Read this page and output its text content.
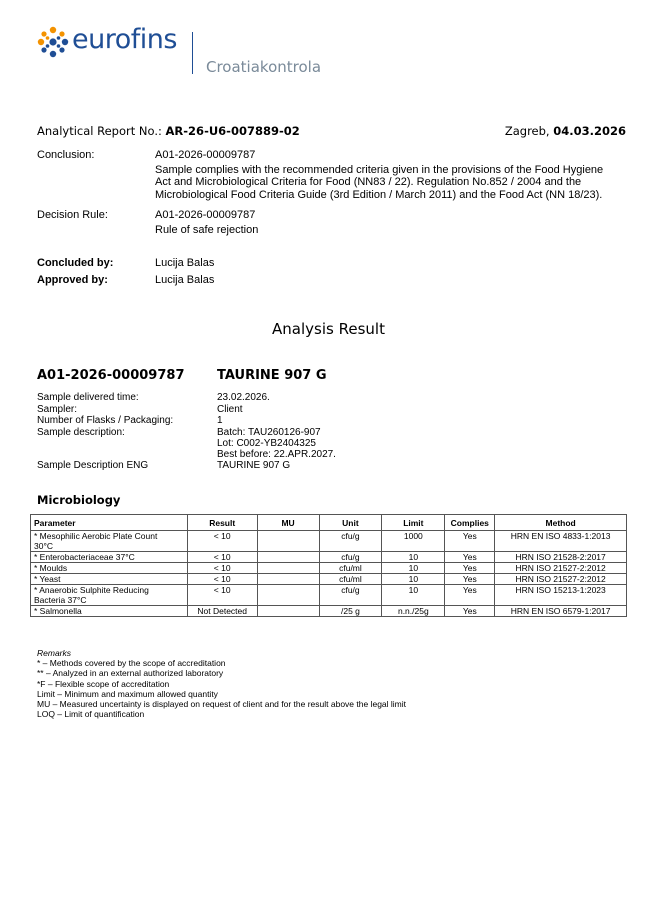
eurofins
Croatiakontrola
Analytical Report No.: AR-26-U6-007889-02	Zagreb, 04.03.2026
Conclusion:	A01-2026-00009787
Sample complies with the recommended criteria given in the provisions of the Food Hygiene
Act and Microbiological Criteria for Food (NN83 / 22). Regulation No.852 / 2004 and the
Microbiological Food Criteria Guide (3rd Edition / March 2011) and the Food Act (NN 18/23).
Decision Rule:	A01-2026-00009787
Rule of safe rejection
Concluded by:	Lucija Balas
Approved by:	Lucija Balas
Analysis Result
A01-2026-00009787	TAURINE 907 G
Sample delivered time:	23.02.2026.
Sampler:	Client
Number of Flasks / Packaging:	1
Sample description:	Batch: TAU260126-907
Lot: C002-YB2404325
Best before: 22.APR.2027.
Sample Description ENG	TAURINE 907 G
Microbiology
Parameter	Result	MU	Unit	Limit	Complies	Method
* Mesophilic Aerobic Plate Count
30°C	< 10		cfu/g	1000	Yes	HRN EN ISO 4833-1:2013
* Enterobacteriaceae 37°C	< 10		cfu/g	10	Yes	HRN ISO 21528-2:2017
* Moulds	< 10		cfu/ml	10	Yes	HRN ISO 21527-2:2012
* Yeast	< 10		cfu/ml	10	Yes	HRN ISO 21527-2:2012
* Anaerobic Sulphite Reducing
Bacteria 37°C	< 10		cfu/g	10	Yes	HRN ISO 15213-1:2023
* Salmonella	Not Detected		/25 g	n.n./25g	Yes	HRN EN ISO 6579-1:2017
Remarks
* – Methods covered by the scope of accreditation
** – Analyzed in an external authorized laboratory
*F – Flexible scope of accreditation
Limit – Minimum and maximum allowed quantity
MU – Measured uncertainty is displayed on request of client and for the result above the legal limit
LOQ – Limit of quantification
